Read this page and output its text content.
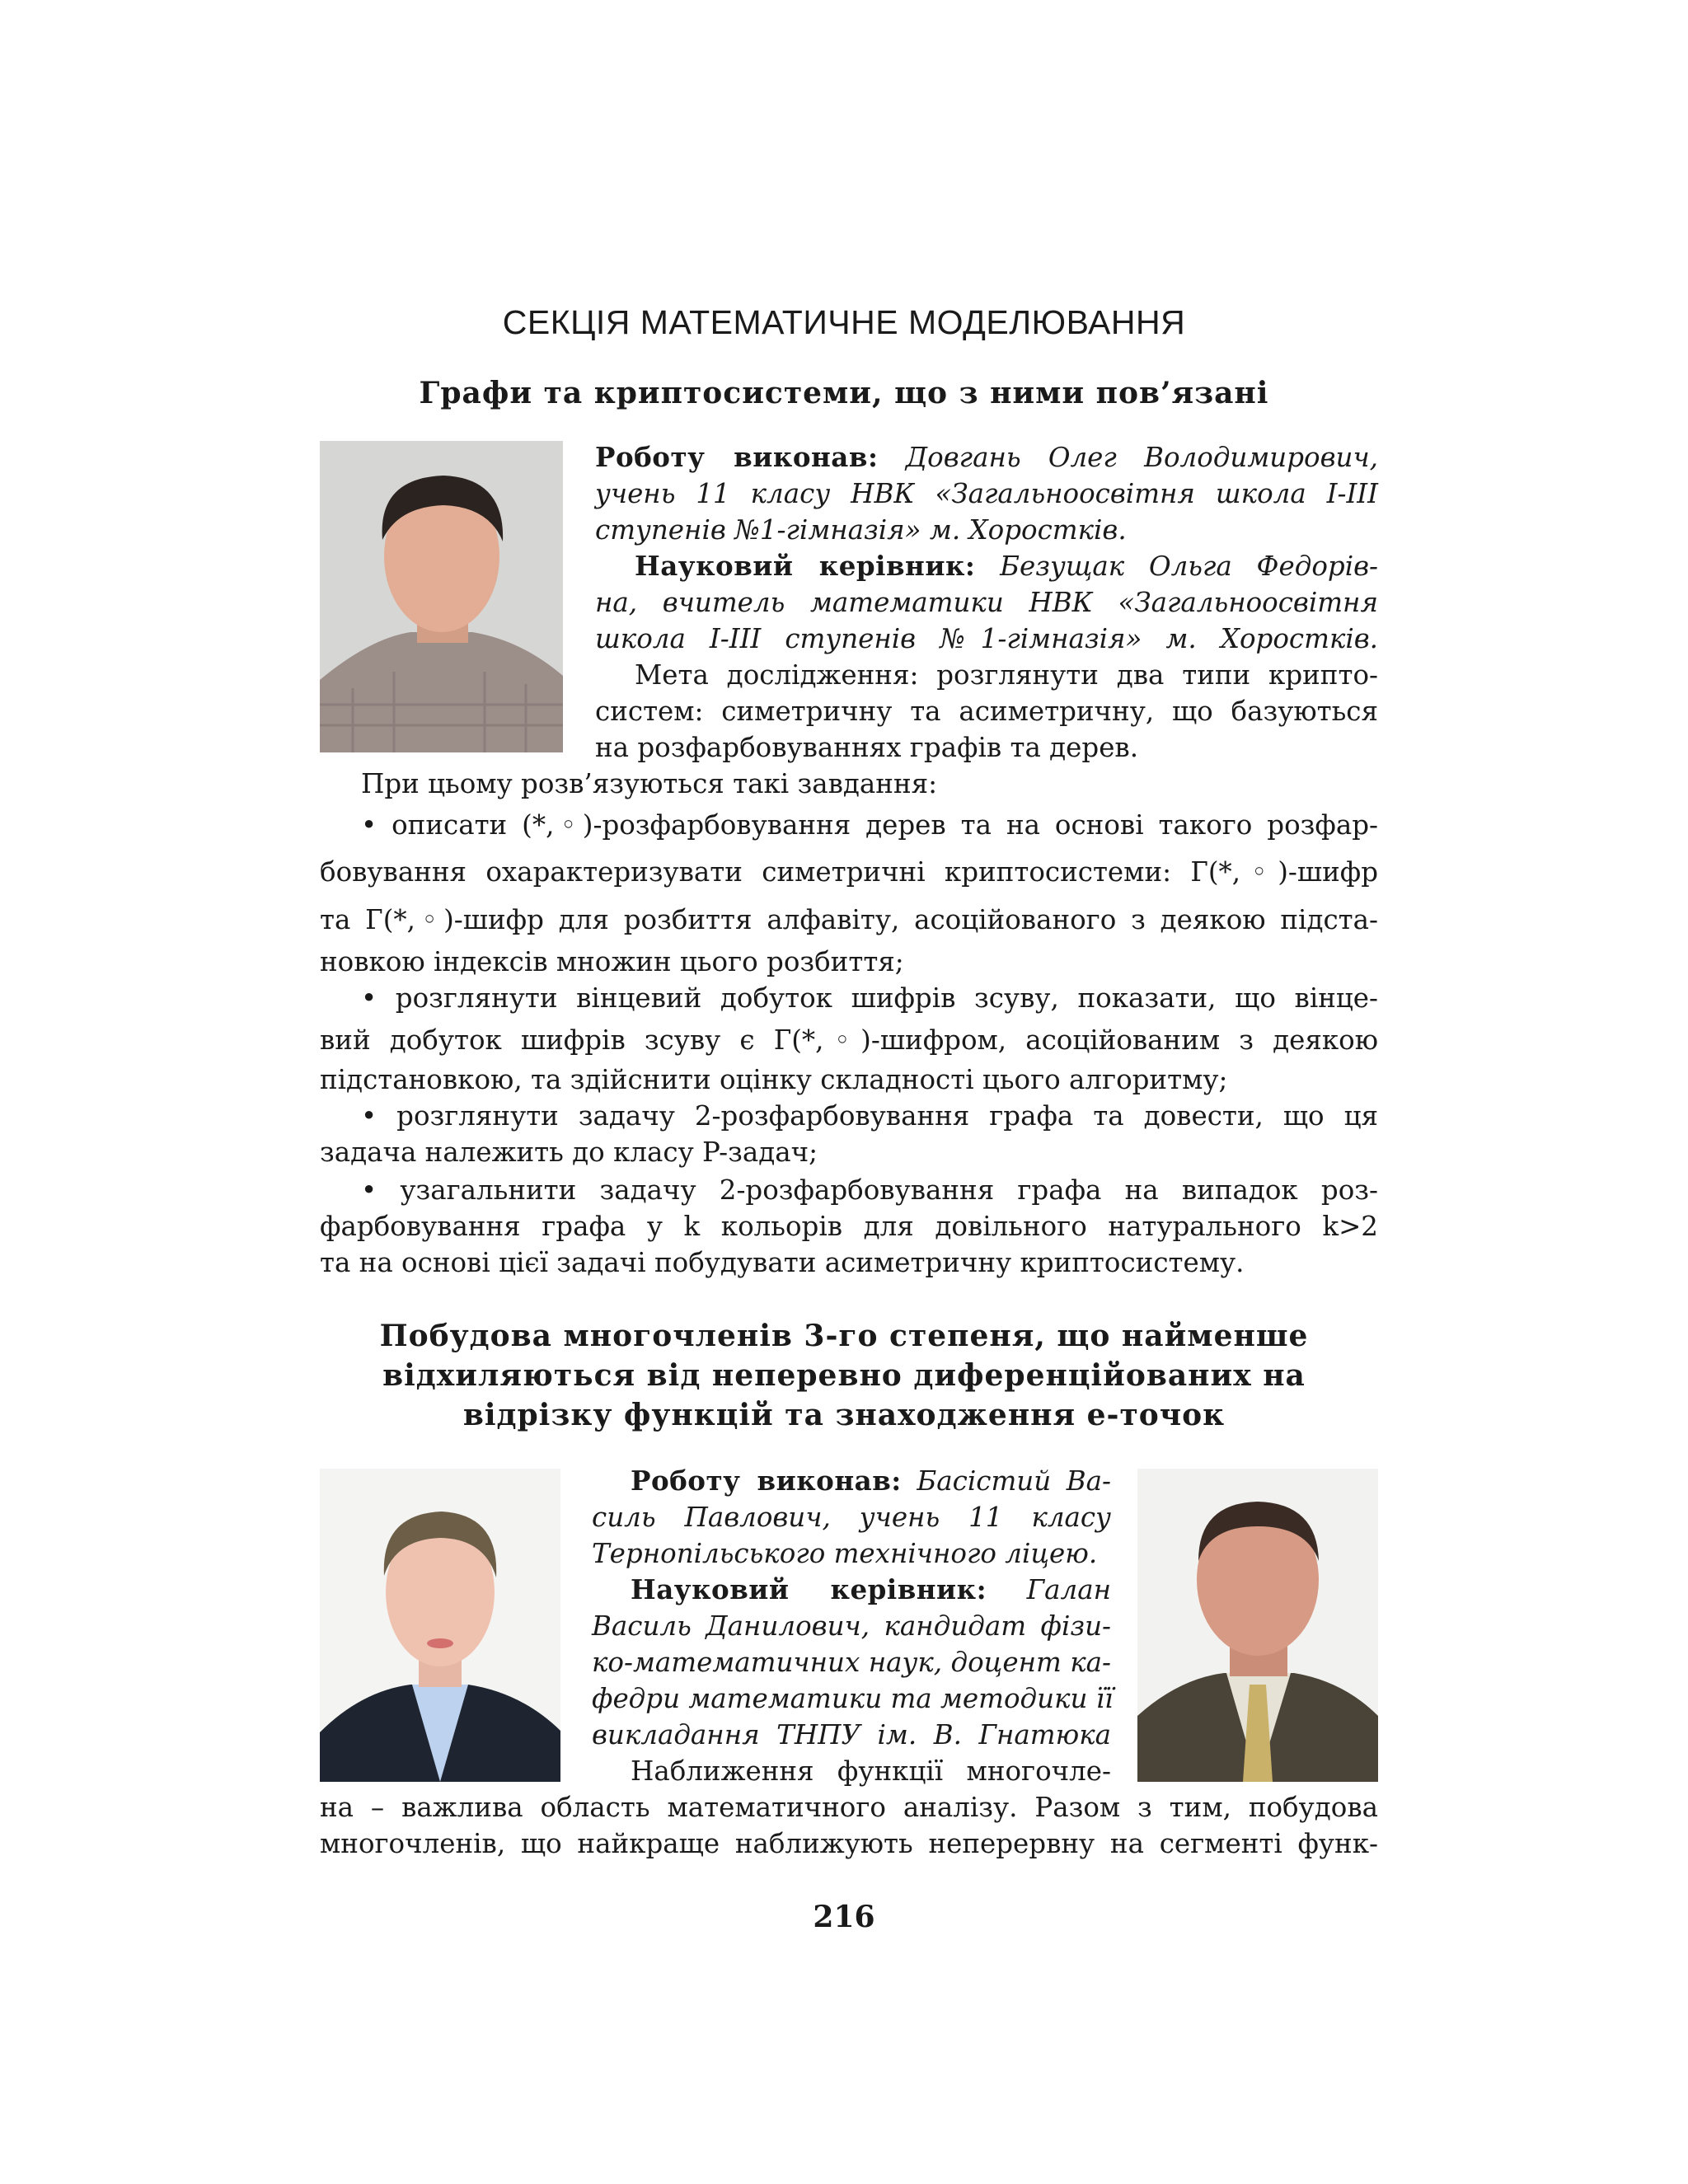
СЕКЦІЯ МАТЕМАТИЧНЕ МОДЕЛЮВАННЯ
Графи та криптосистеми, що з ними пов’язані
Роботу виконав: Довгань Олег Володимирович,
учень 11 класу НВК «Загальноосвітня школа І-ІІІ
ступенів №1-гімназія» м. Хоростків.
Науковий керівник: Безущак Ольга Федорів-
на, вчитель математики НВК «Загальноосвітня
школа І-ІІІ ступенів №1-гімназія» м. Хоростків.
Мета дослідження: розглянути два типи крипто-
систем: симетричну та асиметричну, що базуються
на розфарбовуваннях графів та дерев.
При цьому розв’язуються такі завдання:
• описати (*,◦)-розфарбовування дерев та на основі такого розфар-
бовування охарактеризувати симетричні криптосистеми: Г(*,◦)-шифр
та Г(*,◦)-шифр для розбиття алфавіту, асоційованого з деякою підста-
новкою індексів множин цього розбиття;
• розглянути вінцевий добуток шифрів зсуву, показати, що вінце-
вий добуток шифрів зсуву є Г(*,◦)-шифром, асоційованим з деякою
підстановкою, та здійснити оцінку складності цього алгоритму;
• розглянути задачу 2-розфарбовування графа та довести, що ця
задача належить до класу P-задач;
• узагальнити задачу 2-розфарбовування графа на випадок роз-
фарбовування графа у k кольорів для довільного натурального k>2
та на основі цієї задачі побудувати асиметричну криптосистему.
Побудова многочленів 3-го степеня, що найменше
відхиляються від неперевно диференційованих на
відрізку функцій та знаходження e-точок
Роботу виконав: Басістий Ва-
силь Павлович, учень 11 класу
Тернопільського технічного ліцею.
Науковий керівник: Галан
Василь Данилович, кандидат фізи-
ко-математичних наук, доцент ка-
федри математики та методики її
викладання ТНПУ ім. В. Гнатюка
Наближення функції многочле-
на – важлива область математичного аналізу. Разом з тим, побудова
многочленів, що найкраще наближують неперервну на сегменті функ-
216
